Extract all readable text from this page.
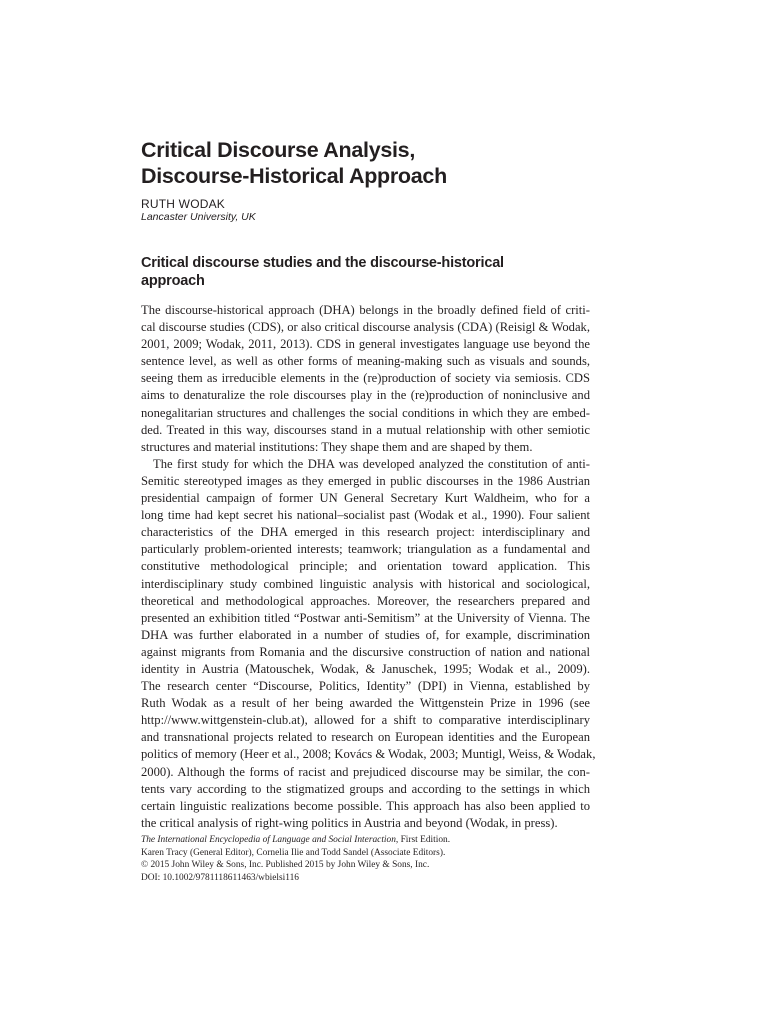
Critical Discourse Analysis,
Discourse-Historical Approach
RUTH WODAK
Lancaster University, UK
Critical discourse studies and the discourse-historical
approach

The discourse-historical approach (DHA) belongs in the broadly defined field of criti-
cal discourse studies (CDS), or also critical discourse analysis (CDA) (Reisigl & Wodak,
2001, 2009; Wodak, 2011, 2013). CDS in general investigates language use beyond the
sentence level, as well as other forms of meaning-making such as visuals and sounds,
seeing them as irreducible elements in the (re)production of society via semiosis. CDS
aims to denaturalize the role discourses play in the (re)production of noninclusive and
nonegalitarian structures and challenges the social conditions in which they are embed-
ded. Treated in this way, discourses stand in a mutual relationship with other semiotic
structures and material institutions: They shape them and are shaped by them.

The first study for which the DHA was developed analyzed the constitution of anti-
Semitic stereotyped images as they emerged in public discourses in the 1986 Austrian
presidential campaign of former UN General Secretary Kurt Waldheim, who for a
long time had kept secret his national–socialist past (Wodak et al., 1990). Four salient
characteristics of the DHA emerged in this research project: interdisciplinary and
particularly problem-oriented interests; teamwork; triangulation as a fundamental and
constitutive methodological principle; and orientation toward application. This
interdisciplinary study combined linguistic analysis with historical and sociological,
theoretical and methodological approaches. Moreover, the researchers prepared and
presented an exhibition titled “Postwar anti-Semitism” at the University of Vienna. The
DHA was further elaborated in a number of studies of, for example, discrimination
against migrants from Romania and the discursive construction of nation and national
identity in Austria (Matouschek, Wodak, & Januschek, 1995; Wodak et al., 2009).
The research center “Discourse, Politics, Identity” (DPI) in Vienna, established by
Ruth Wodak as a result of her being awarded the Wittgenstein Prize in 1996 (see
http://www.wittgenstein-club.at), allowed for a shift to comparative interdisciplinary
and transnational projects related to research on European identities and the European
politics of memory (Heer et al., 2008; Kovács & Wodak, 2003; Muntigl, Weiss, & Wodak,
2000). Although the forms of racist and prejudiced discourse may be similar, the con-
tents vary according to the stigmatized groups and according to the settings in which
certain linguistic realizations become possible. This approach has also been applied to
the critical analysis of right-wing politics in Austria and beyond (Wodak, in press).

The International Encyclopedia of Language and Social Interaction, First Edition.
Karen Tracy (General Editor), Cornelia Ilie and Todd Sandel (Associate Editors).
© 2015 John Wiley & Sons, Inc. Published 2015 by John Wiley & Sons, Inc.
DOI: 10.1002/9781118611463/wbielsi116
